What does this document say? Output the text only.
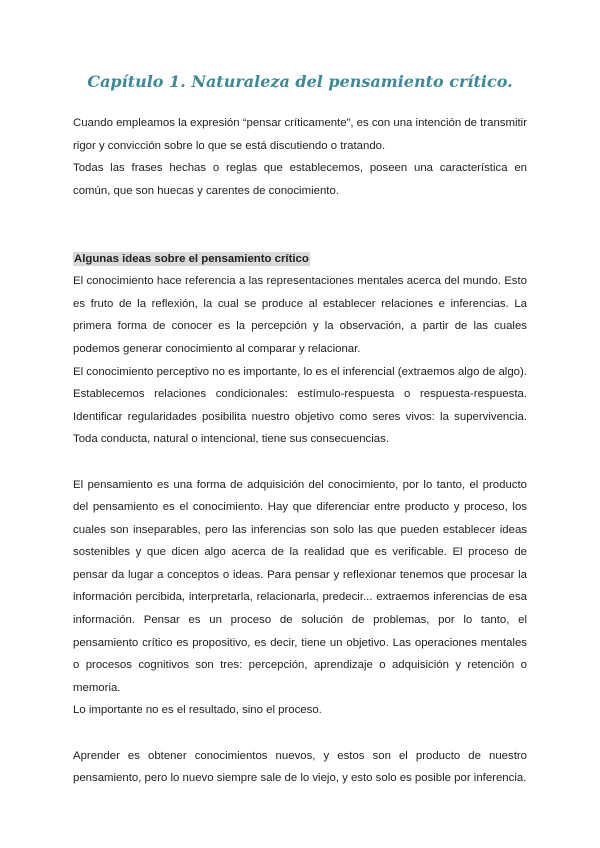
Capítulo 1. Naturaleza del pensamiento crítico.

Cuando empleamos la expresión “pensar críticamente”, es con una intención de transmitir rigor y convicción sobre lo que se está discutiendo o tratando.

Todas las frases hechas o reglas que establecemos, poseen una característica en común, que son huecas y carentes de conocimiento.

Algunas ideas sobre el pensamiento crítico

El conocimiento hace referencia a las representaciones mentales acerca del mundo. Esto es fruto de la reflexión, la cual se produce al establecer relaciones e inferencias. La primera forma de conocer es la percepción y la observación, a partir de las cuales podemos generar conocimiento al comparar y relacionar.

El conocimiento perceptivo no es importante, lo es el inferencial (extraemos algo de algo).

Establecemos relaciones condicionales: estímulo-respuesta o respuesta-respuesta. Identificar regularidades posibilita nuestro objetivo como seres vivos: la supervivencia. Toda conducta, natural o intencional, tiene sus consecuencias.

El pensamiento es una forma de adquisición del conocimiento, por lo tanto, el producto del pensamiento es el conocimiento. Hay que diferenciar entre producto y proceso, los cuales son inseparables, pero las inferencias son solo las que pueden establecer ideas sostenibles y que dicen algo acerca de la realidad que es verificable. El proceso de pensar da lugar a conceptos o ideas. Para pensar y reflexionar tenemos que procesar la información percibida, interpretarla, relacionarla, predecir... extraemos inferencias de esa información. Pensar es un proceso de solución de problemas, por lo tanto, el pensamiento crítico es propositivo, es decir, tiene un objetivo. Las operaciones mentales o procesos cognitivos son tres: percepción, aprendizaje o adquisición y retención o memoria.

Lo importante no es el resultado, sino el proceso.

Aprender es obtener conocimientos nuevos, y estos son el producto de nuestro pensamiento, pero lo nuevo siempre sale de lo viejo, y esto solo es posible por inferencia.
